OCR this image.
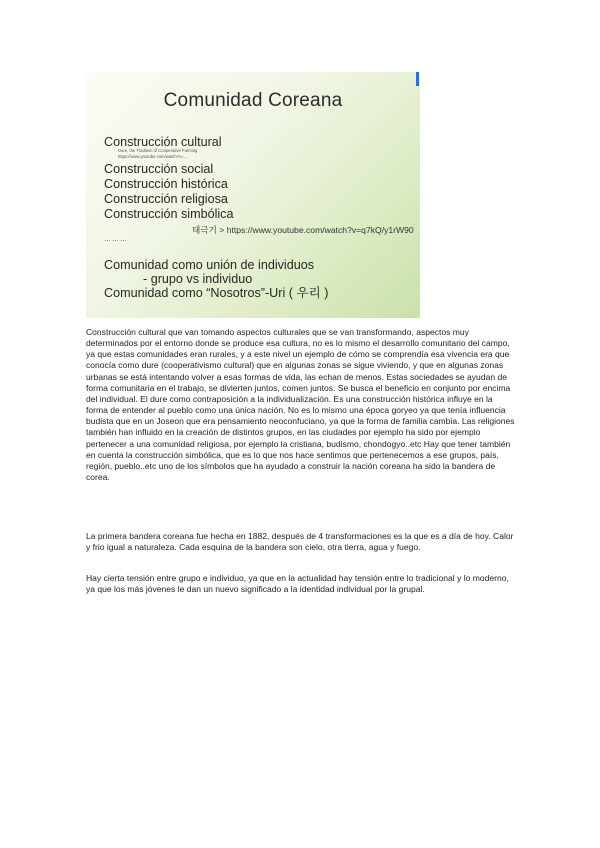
Comunidad Coreana
Construcción cultural
Dure, the Tradition of Cooperative Farming
https://www.youtube.com/watch?v=...
Construcción social
Construcción histórica
Construcción religiosa
Construcción simbólica
태극기 > https://www.youtube.com/watch?v=q7kQ/y1rW90
………
Comunidad como unión de individuos
- grupo vs individuo
Comunidad como “Nosotros”-Uri ( 우리 )

Construcción cultural que van tomando aspectos culturales que se van transformando, aspectos muy determinados por el entorno donde se produce esa cultura, no es lo mismo el desarrollo comunitario del campo, ya que estas comunidades eran rurales, y a este nivel un ejemplo de cómo se comprendía esa vivencia era que conocía como dure (cooperativismo cultural) que en algunas zonas se sigue viviendo, y que en algunas zonas urbanas se está intentando volver a esas formas de vida, las echan de menos. Estas sociedades se ayudan de forma comunitaria en el trabajo, se divierten juntos, comen juntos. Se busca el beneficio en conjunto por encima del individual. El dure como contraposición a la individualización. Es una construcción histórica influye en la forma de entender al pueblo como una única nación. No es lo mismo una época goryeo ya que tenía influencia budista que en un Joseon que era pensamiento neoconfuciano, ya que la forma de familia cambia. Las religiones también han influido en la creación de distintos grupos, en las ciudades por ejemplo ha sido por ejemplo pertenecer a una comunidad religiosa, por ejemplo la cristiana, budismo, chondogyo..etc Hay que tener también en cuenta la construcción simbólica, que es lo que nos hace sentimos que pertenecemos a ese grupos, país, región, pueblo..etc uno de los símbolos que ha ayudado a construir la nación coreana ha sido la bandera de corea.

La primera bandera coreana fue hecha en 1882, después de 4 transformaciones es la que es a día de hoy. Calor y frio igual a naturaleza. Cada esquina de la bandera son cielo, otra tierra, agua y fuego.

Hay cierta tensión entre grupo e individuo, ya que en la actualidad hay tensión entre lo tradicional y lo moderno, ya que los más jóvenes le dan un nuevo significado a la identidad individual por la grupal.
